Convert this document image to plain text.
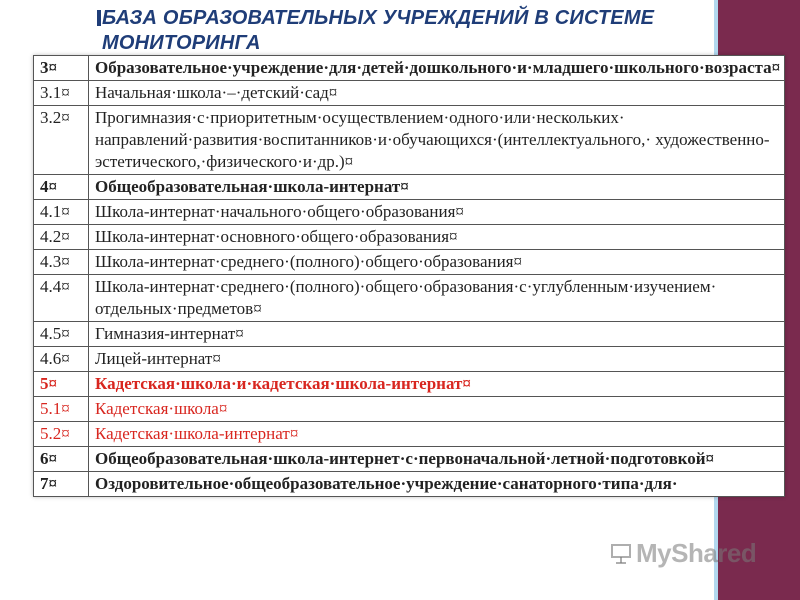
БАЗА ОБРАЗОВАТЕЛЬНЫХ УЧРЕЖДЕНИЙ В СИСТЕМЕ МОНИТОРИНГА
3¤	Образовательное·учреждение·для·детей·дошкольного·и·младшего·школьного·возраста¤
3.1¤	Начальная·школа·–·детский·сад¤
3.2¤	Прогимназия·с·приоритетным·осуществлением·одного·или·нескольких· направлений·развития·воспитанников·и·обучающихся·(интеллектуального,· художественно-эстетического,·физического·и·др.)¤
4¤	Общеобразовательная·школа-интернат¤
4.1¤	Школа-интернат·начального·общего·образования¤
4.2¤	Школа-интернат·основного·общего·образования¤
4.3¤	Школа-интернат·среднего·(полного)·общего·образования¤
4.4¤	Школа-интернат·среднего·(полного)·общего·образования·с·углубленным·изучением· отдельных·предметов¤
4.5¤	Гимназия-интернат¤
4.6¤	Лицей-интернат¤
5¤	Кадетская·школа·и·кадетская·школа-интернат¤
5.1¤	Кадетская·школа¤
5.2¤	Кадетская·школа-интернат¤
6¤	Общеобразовательная·школа-интернет·с·первоначальной·летной·подготовкой¤
7¤	Оздоровительное·общеобразовательное·учреждение·санаторного·типа·для·
MyShared
